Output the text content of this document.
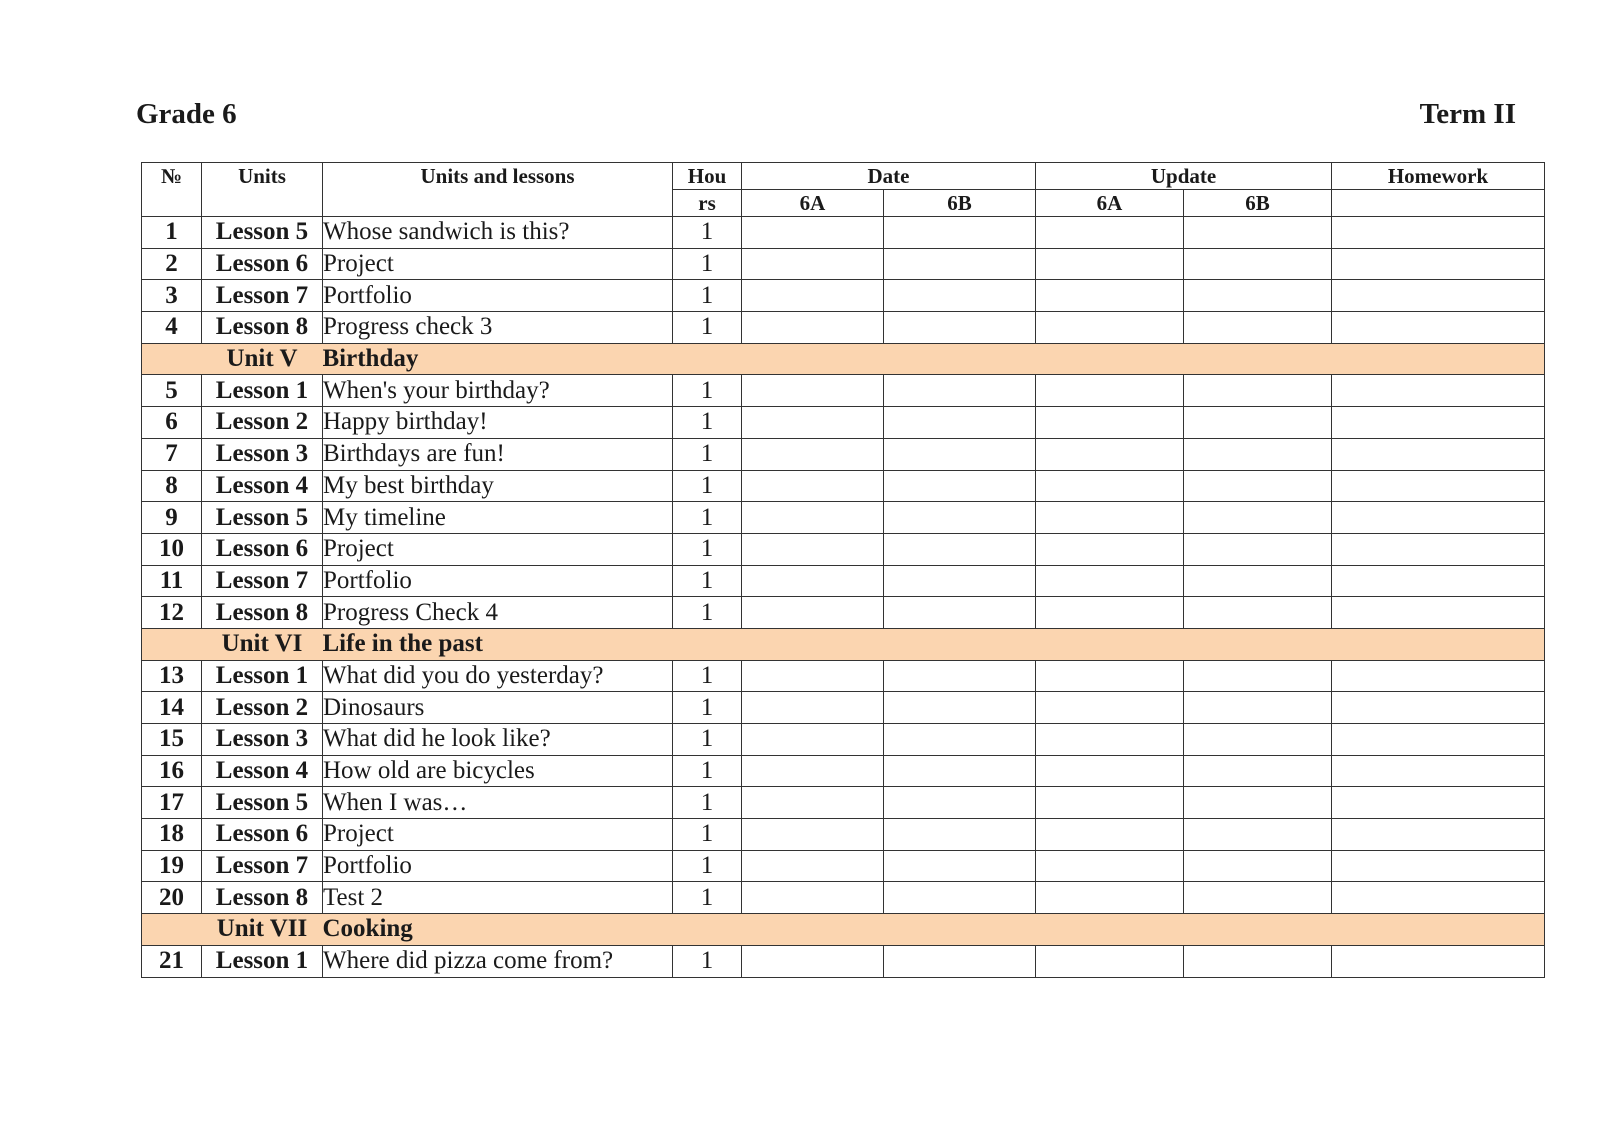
Grade 6	Term II
№	Units	Units and lessons	Hou	Date		Update		Homework
			rs	6A	6B	6A	6B	
1	Lesson 5	Whose sandwich is this?	1					
2	Lesson 6	Project	1					
3	Lesson 7	Portfolio	1					
4	Lesson 8	Progress check 3	1					
	Unit V	Birthday						
5	Lesson 1	When's your birthday?	1					
6	Lesson 2	Happy birthday!	1					
7	Lesson 3	Birthdays are fun!	1					
8	Lesson 4	My best birthday	1					
9	Lesson 5	My timeline	1					
10	Lesson 6	Project	1					
11	Lesson 7	Portfolio	1					
12	Lesson 8	Progress Check 4	1					
	Unit VI	Life in the past						
13	Lesson 1	What did you do yesterday?	1					
14	Lesson 2	Dinosaurs	1					
15	Lesson 3	What did he look like?	1					
16	Lesson 4	How old are bicycles	1					
17	Lesson 5	When I was…	1					
18	Lesson 6	Project	1					
19	Lesson 7	Portfolio	1					
20	Lesson 8	Test 2	1					
	Unit VII	Cooking						
21	Lesson 1	Where did pizza come from?	1					
